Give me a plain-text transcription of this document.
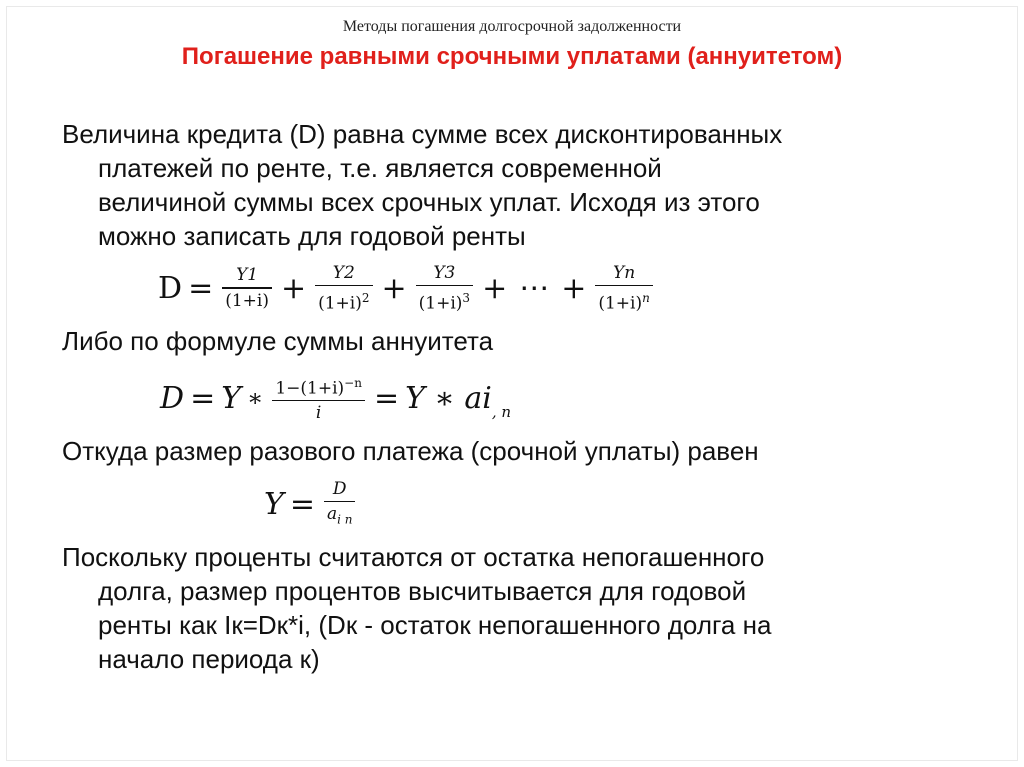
Методы погашения долгосрочной задолженности
Погашение равными срочными уплатами (аннуитетом)
Величина кредита (D) равна сумме всех дисконтированных
платежей по ренте, т.е. является современной
величиной суммы всех срочных уплат. Исходя из этого
можно записать для годовой ренты
$D = \frac{Y1}{(1+i)} + \frac{Y2}{(1+i)^2} + \frac{Y3}{(1+i)^3}$ + ⋯ + $\frac{Yn}{(1+i)^n}$
Либо по формуле суммы аннуитета
D = Y ∗ $\frac{1-(1+i)^{-n}}{i} = Y$ ∗ ai , n
Откуда размер разового платежа (срочной уплаты) равен
$Y = \frac{D}{a_{i n}}$
Поскольку проценты считаются от остатка непогашенного
долга, размер процентов высчитывается для годовой
ренты как Iк=Dк*i, (Dк - остаток непогашенного долга на
начало периода к)
